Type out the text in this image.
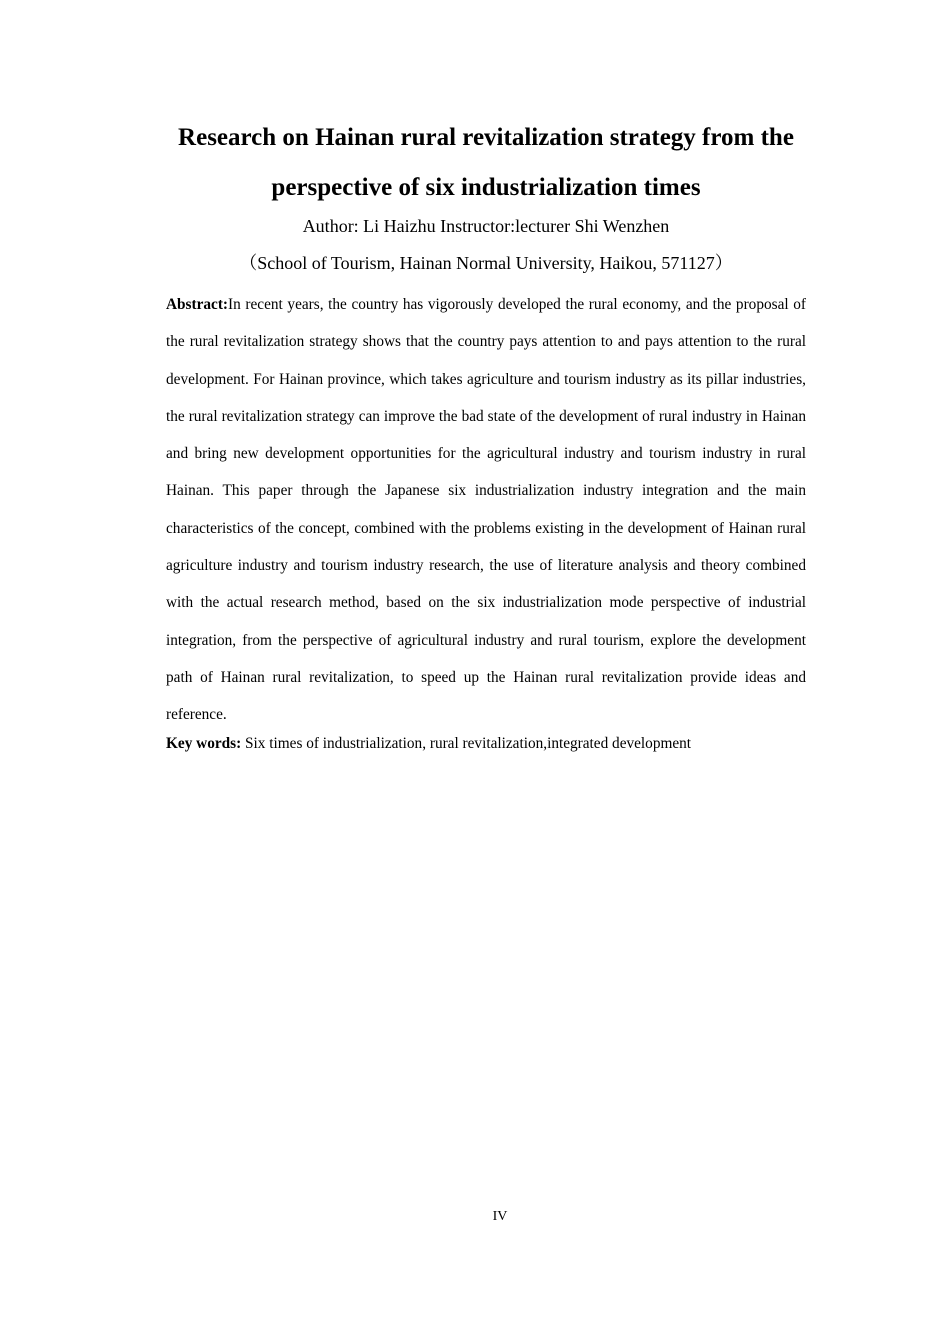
Research on Hainan rural revitalization strategy from the
perspective of six industrialization times
Author: Li Haizhu Instructor:lecturer Shi Wenzhen
（School of Tourism, Hainan Normal University, Haikou, 571127）

Abstract:In recent years, the country has vigorously developed the rural economy, and the proposal of the rural revitalization strategy shows that the country pays attention to and pays attention to the rural development. For Hainan province, which takes agriculture and tourism industry as its pillar industries, the rural revitalization strategy can improve the bad state of the development of rural industry in Hainan and bring new development opportunities for the agricultural industry and tourism industry in rural Hainan. This paper through the Japanese six industrialization industry integration and the main characteristics of the concept, combined with the problems existing in the development of Hainan rural agriculture industry and tourism industry research, the use of literature analysis and theory combined with the actual research method, based on the six industrialization mode perspective of industrial integration, from the perspective of agricultural industry and rural tourism, explore the development path of Hainan rural revitalization, to speed up the Hainan rural revitalization provide ideas and reference.

Key words: Six times of industrialization, rural revitalization,integrated development

IV
